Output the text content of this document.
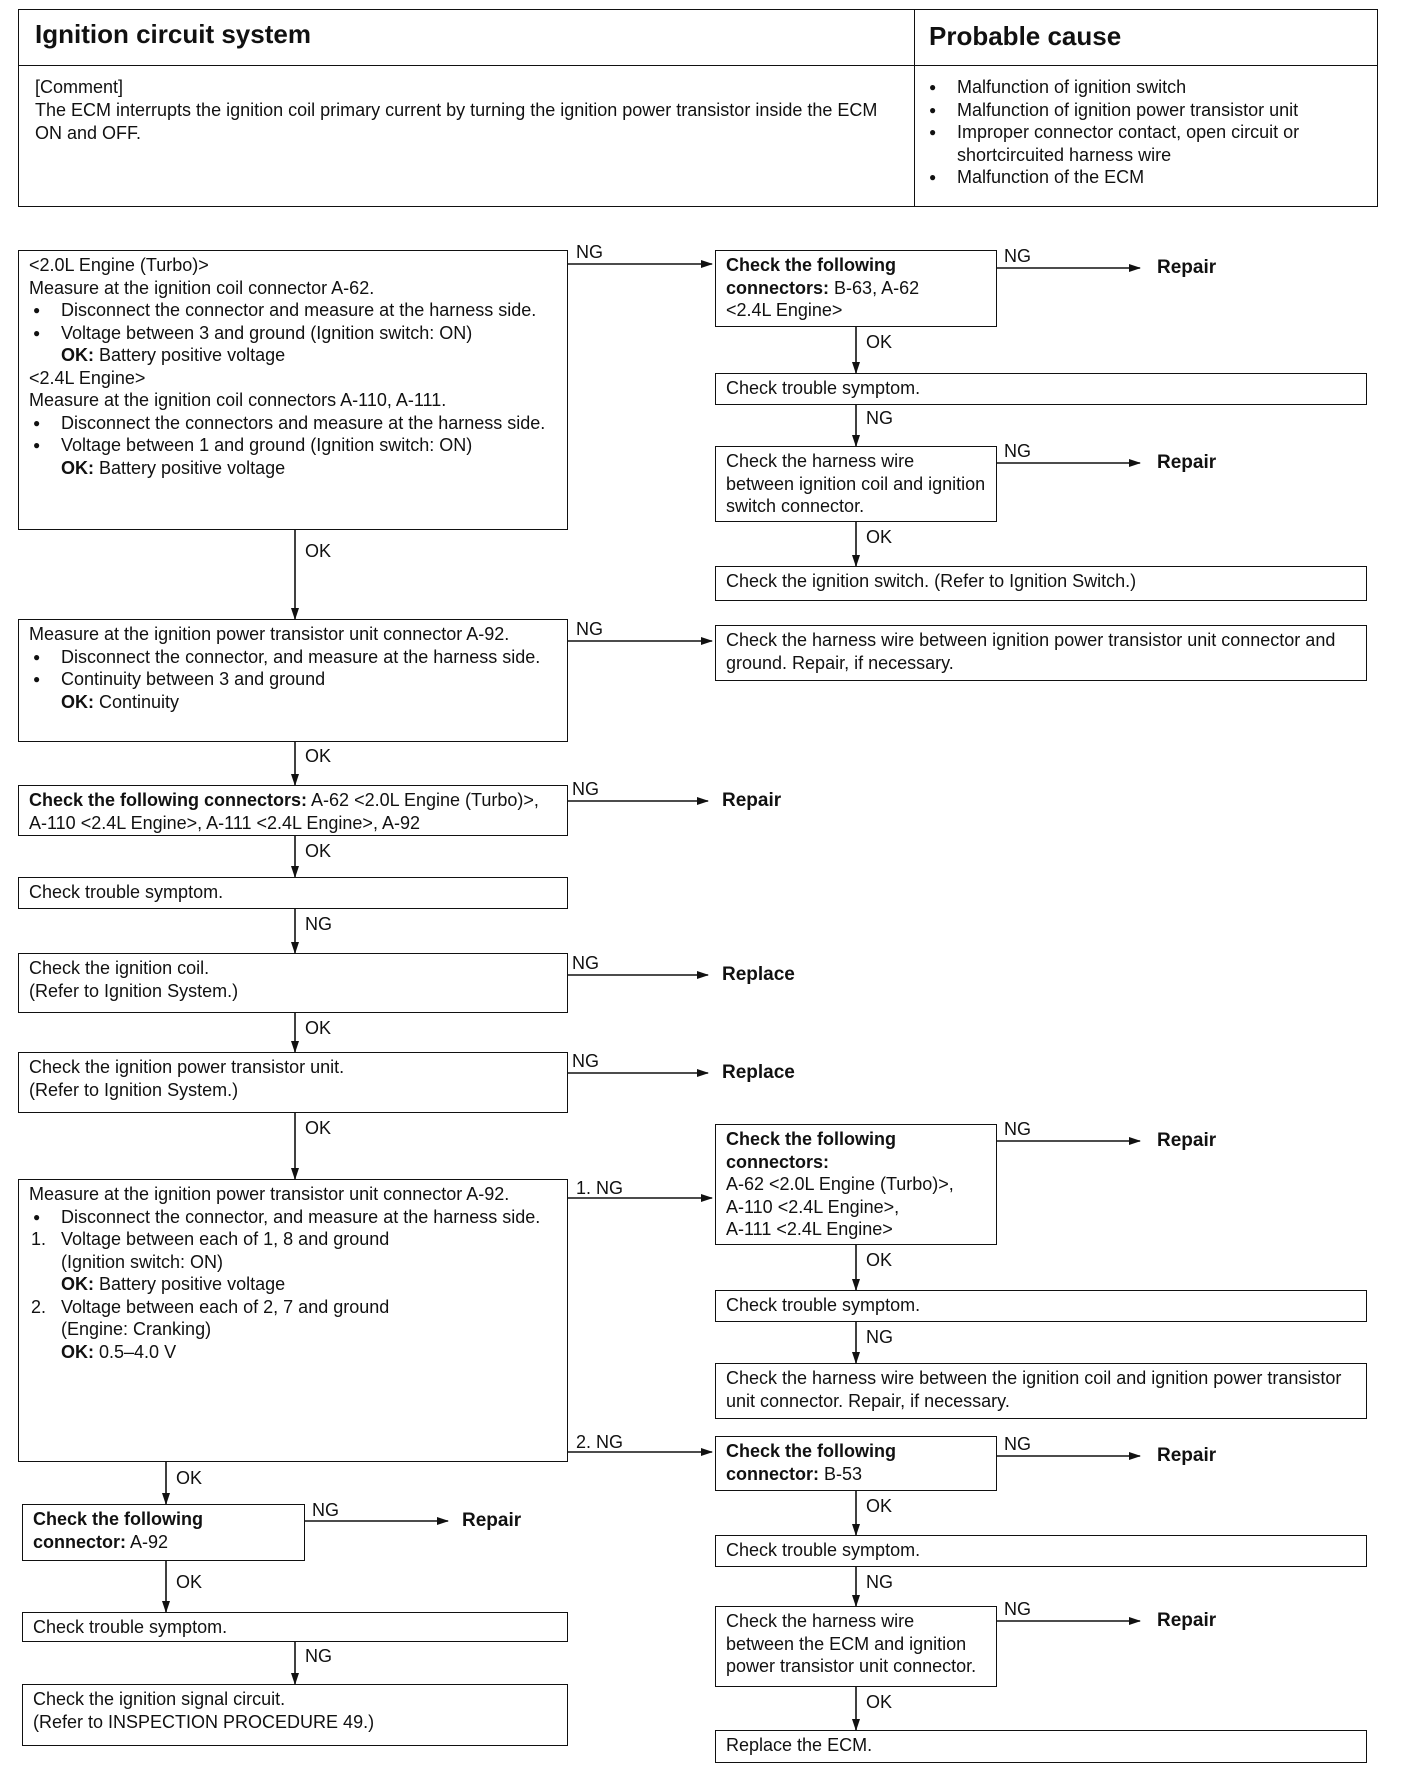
Ignition circuit system	Probable cause
[Comment]
The ECM interrupts the ignition coil primary current by turning the ignition power transistor inside the ECM ON and OFF.
● Malfunction of ignition switch
● Malfunction of ignition power transistor unit
● Improper connector contact, open circuit or shortcircuited harness wire
● Malfunction of the ECM
<2.0L Engine (Turbo)>
Measure at the ignition coil connector A-62.
● Disconnect the connector and measure at the harness side.
● Voltage between 3 and ground (Ignition switch: ON)
OK: Battery positive voltage
<2.4L Engine>
Measure at the ignition coil connectors A-110, A-111.
● Disconnect the connectors and measure at the harness side.
● Voltage between 1 and ground (Ignition switch: ON)
OK: Battery positive voltage
Check the following connectors: B-63, A-62
<2.4L Engine>
Check trouble symptom.
Check the harness wire between ignition coil and ignition switch connector.
Check the ignition switch. (Refer to Ignition Switch.)
Measure at the ignition power transistor unit connector A-92.
● Disconnect the connector, and measure at the harness side.
● Continuity between 3 and ground
OK: Continuity
Check the harness wire between ignition power transistor unit connector and ground. Repair, if necessary.
Check the following connectors: A-62 <2.0L Engine (Turbo)>, A-110 <2.4L Engine>, A-111 <2.4L Engine>, A-92
Check trouble symptom.
Check the ignition coil.
(Refer to Ignition System.)
Check the ignition power transistor unit.
(Refer to Ignition System.)
Measure at the ignition power transistor unit connector A-92.
● Disconnect the connector, and measure at the harness side.
1. Voltage between each of 1, 8 and ground
(Ignition switch: ON)
OK: Battery positive voltage
2. Voltage between each of 2, 7 and ground
(Engine: Cranking)
OK: 0.5–4.0 V
Check the following connectors:
A-62 <2.0L Engine (Turbo)>,
A-110 <2.4L Engine>,
A-111 <2.4L Engine>
Check trouble symptom.
Check the harness wire between the ignition coil and ignition power transistor unit connector. Repair, if necessary.
Check the following connector: B-53
Check trouble symptom.
Check the harness wire between the ECM and ignition power transistor unit connector.
Replace the ECM.
Check the following connector: A-92
Check trouble symptom.
Check the ignition signal circuit.
(Refer to INSPECTION PROCEDURE 49.)
NG	NG
OK
NG
NG
OK
OK
NG
OK
NG
OK
NG
NG
OK
NG
OK	NG
1. NG
OK
NG
2. NG	NG
OK
NG
NG
OK
OK
NG
OK
NG
Repair
Repair
Repair
Replace
Replace
Repair
Repair
Repair
Repair
